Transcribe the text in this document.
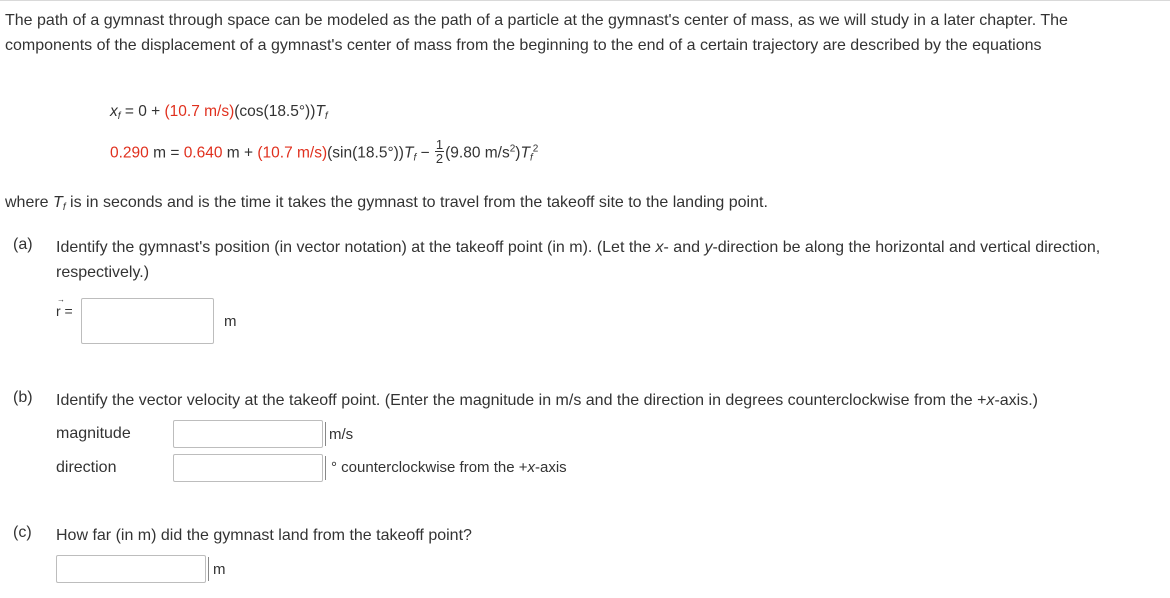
The path of a gymnast through space can be modeled as the path of a particle at the gymnast's center of mass, as we will study in a later chapter. The components of the displacement of a gymnast's center of mass from the beginning to the end of a certain trajectory are described by the equations
$x_f = 0 + (10.7$ $m/s)(\cos(18.5^\circ))T_f$
0.290 m = 0.640 m + (10.7 $m/s)(\sin(18.5^\circ))T_f - \frac{1}{2} (9.80$ $m/s^2)T_f^2$
where $T_f$ is in seconds and is the time it takes the gymnast to travel from the takeoff site to the landing point.
(a) Identify the gymnast's position (in vector notation) at the takeoff point (in m). (Let the x- and y-direction be along the horizontal and vertical direction, respectively.)
→
r =
m
(b) Identify the vector velocity at the takeoff point. (Enter the magnitude in m/s and the direction in degrees counterclockwise from the +x-axis.)
magnitude	m/s
direction	° counterclockwise from the +x-axis
(c) How far (in m) did the gymnast land from the takeoff point?
m
